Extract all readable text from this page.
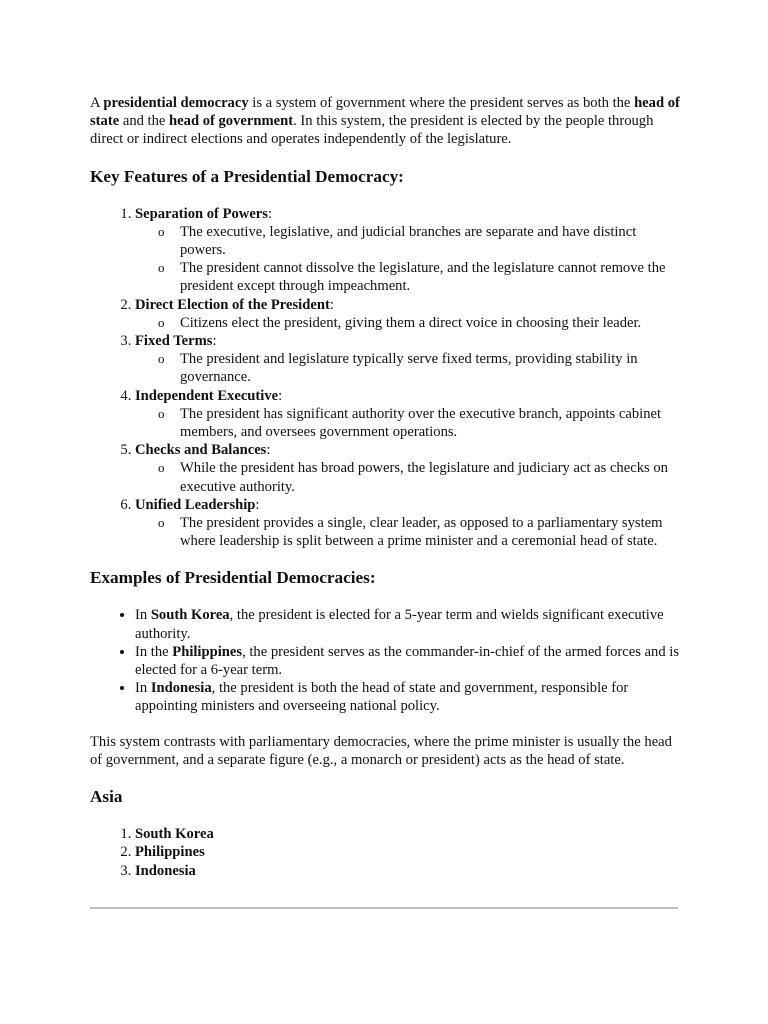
A presidential democracy is a system of government where the president serves as both the head of state and the head of government. In this system, the president is elected by the people through direct or indirect elections and operates independently of the legislature.

Key Features of a Presidential Democracy:
1. Separation of Powers:
o The executive, legislative, and judicial branches are separate and have distinct powers.
o The president cannot dissolve the legislature, and the legislature cannot remove the president except through impeachment.
2. Direct Election of the President:
o Citizens elect the president, giving them a direct voice in choosing their leader.
3. Fixed Terms:
o The president and legislature typically serve fixed terms, providing stability in governance.
4. Independent Executive:
o The president has significant authority over the executive branch, appoints cabinet members, and oversees government operations.
5. Checks and Balances:
o While the president has broad powers, the legislature and judiciary act as checks on executive authority.
6. Unified Leadership:
o The president provides a single, clear leader, as opposed to a parliamentary system where leadership is split between a prime minister and a ceremonial head of state.
Examples of Presidential Democracies:
• In South Korea, the president is elected for a 5-year term and wields significant executive authority.
• In the Philippines, the president serves as the commander-in-chief of the armed forces and is elected for a 6-year term.
• In Indonesia, the president is both the head of state and government, responsible for appointing ministers and overseeing national policy.

This system contrasts with parliamentary democracies, where the prime minister is usually the head of government, and a separate figure (e.g., a monarch or president) acts as the head of state.

Asia
1. South Korea
2. Philippines
3. Indonesia
